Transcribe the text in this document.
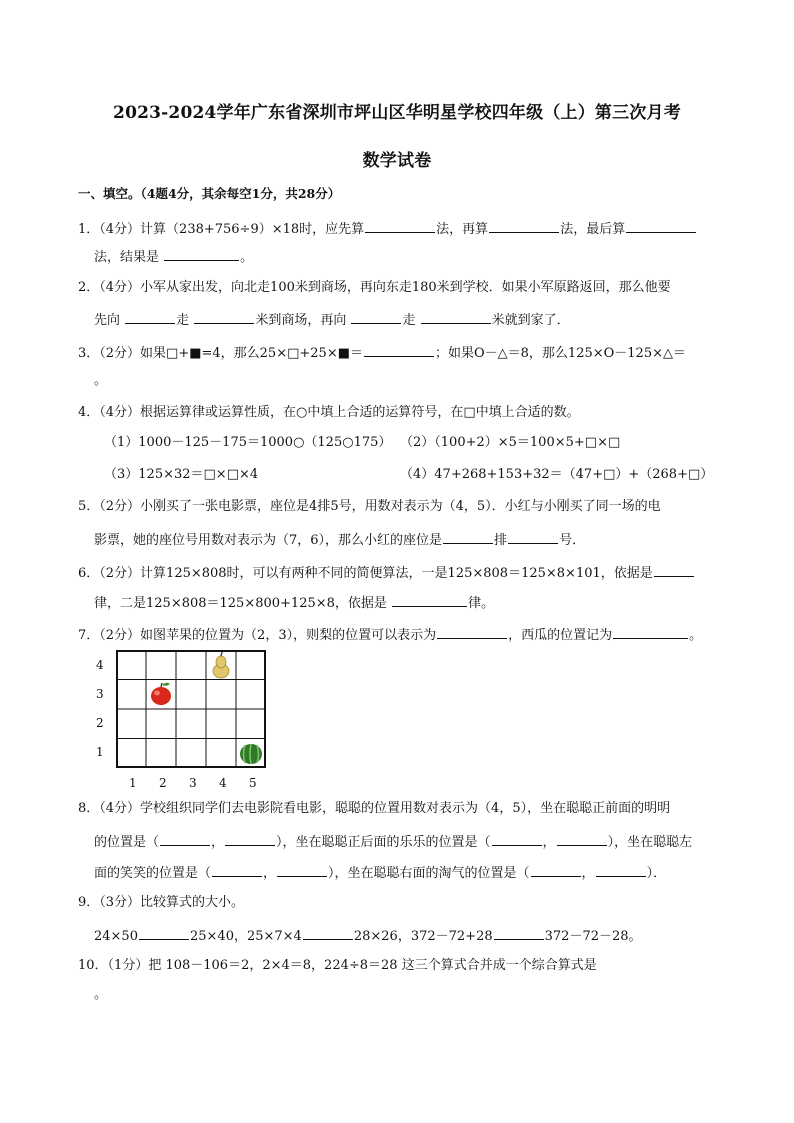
2023-2024学年广东省深圳市坪山区华明星学校四年级（上）第三次月考
数学试卷
一、填空。（4题4分，其余每空1分，共28分）
1．（4分）计算（238+756÷9）×18时，应先算	法，再算	法，最后算
法，结果是	。
2．（4分）小军从家出发，向北走100米到商场，再向东走180米到学校．如果小军原路返回，那么他要
先向	走	米到商场，再向	走	米就到家了．
3．（2分）如果□+■=4，那么25×□+25×■＝	；如果Ο－△＝8，那么125×Ο－125×△＝
。
4．（4分）根据运算律或运算性质，在○中填上合适的运算符号，在□中填上合适的数。
（1）1000－125－175＝1000○（125○175） （2）（100+2）×5＝100×5+□×□
（3）125×32＝□×□×4	（4）47+268+153+32＝（47+□）+（268+□）
5．（2分）小刚买了一张电影票，座位是4排5号，用数对表示为（4，5）．小红与小刚买了同一场的电
影票，她的座位号用数对表示为（7，6），那么小红的座位是	排	号．
6．（2分）计算125×808时，可以有两种不同的简便算法，一是125×808＝125×8×101，依据是
律，二是125×808＝125×800+125×8，依据是	律。
7．（2分）如图苹果的位置为（2，3），则梨的位置可以表示为	，西瓜的位置记为	。
4
3
2
1
1 2 3 4 5
8．（4分）学校组织同学们去电影院看电影，聪聪的位置用数对表示为（4，5），坐在聪聪正前面的明明
的位置是（	，	），坐在聪聪正后面的乐乐的位置是（	，	），坐在聪聪左
面的笑笑的位置是（	，	），坐在聪聪右面的淘气的位置是（	，	）．
9．（3分）比较算式的大小。
24×50	25×40，25×7×4	28×26，372－72+28	372－72－28。
10．（1分）把 108－106＝2，2×4＝8，224÷8＝28 这三个算式合并成一个综合算式是
。
